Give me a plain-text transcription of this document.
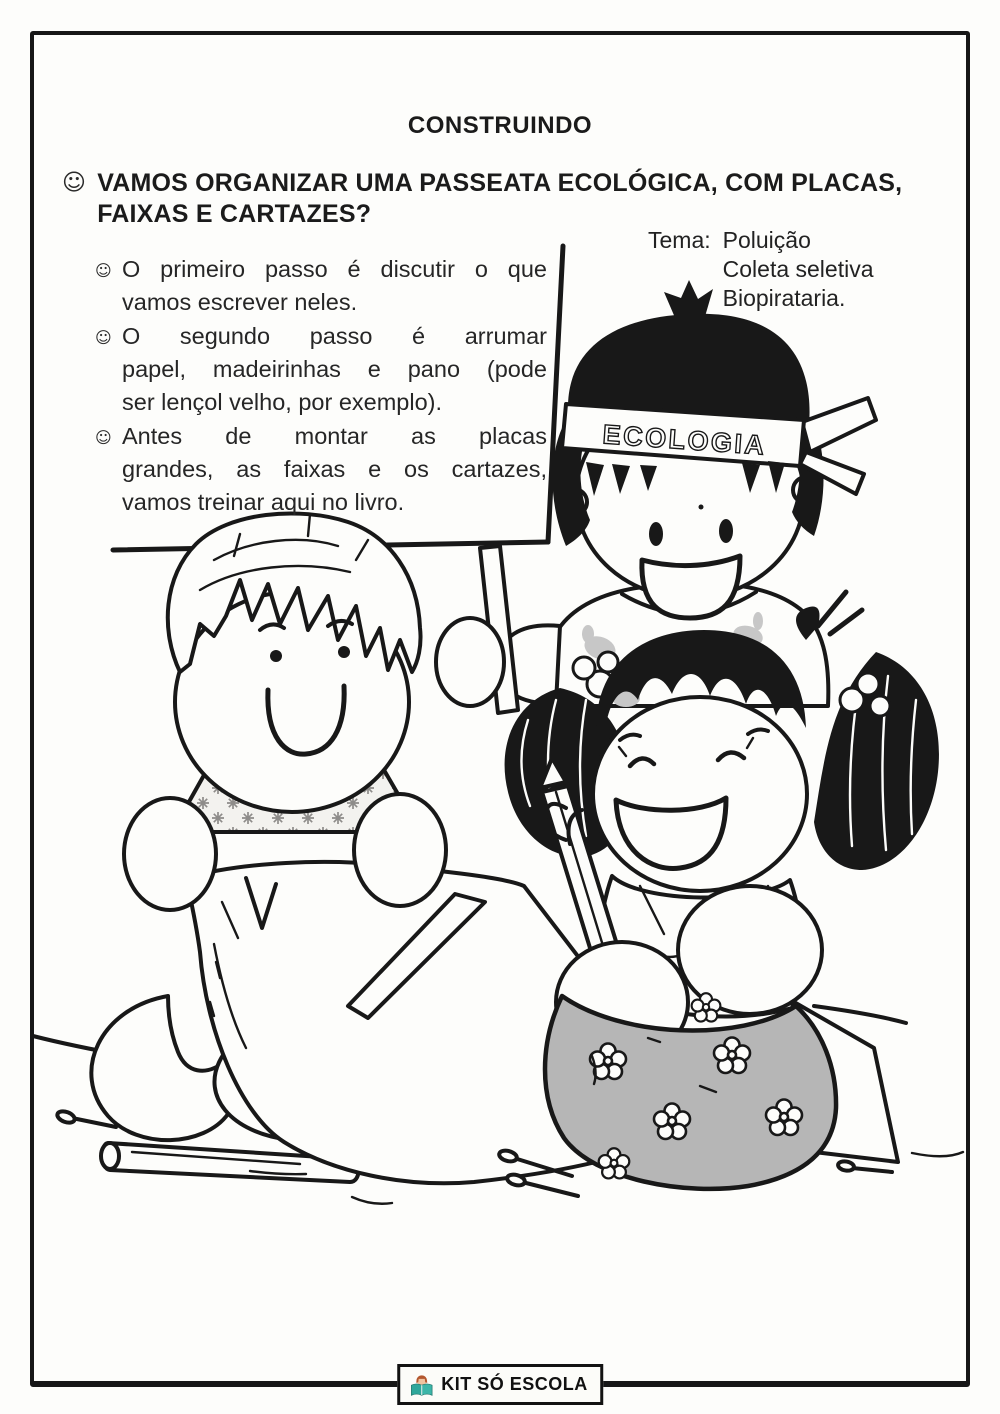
ECOLOGIA
CONSTRUINDO
☺ VAMOS ORGANIZAR UMA PASSEATA ECOLÓGICA, COM PLACAS, FAIXAS E CARTAZES?
Tema: Poluição
Coleta seletiva
Biopirataria.
☺ O primeiro passo é discutir o que
vamos escrever neles.
☺ O segundo passo é arrumar
papel, madeirinhas e pano (pode
ser lençol velho, por exemplo).
☺ Antes de montar as placas
grandes, as faixas e os cartazes,
vamos treinar aqui no livro.
KIT SÓ ESCOLA
